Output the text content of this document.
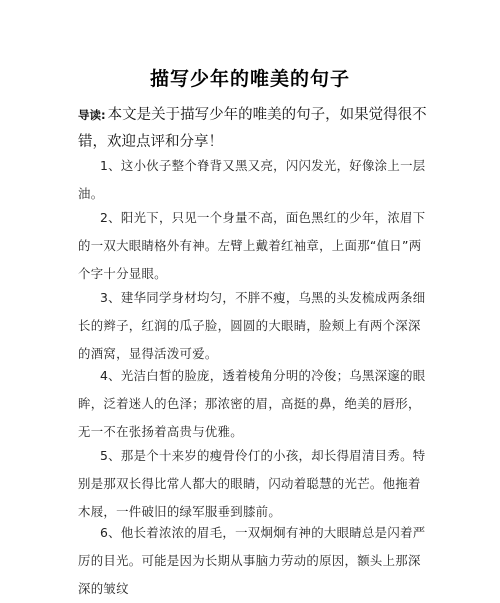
描写少年的唯美的句子
导读: 本文是关于描写少年的唯美的句子，如果觉得很不错，欢迎点评和分享！
1、这小伙子整个脊背又黑又亮，闪闪发光，好像涂上一层油。
2、阳光下，只见一个身量不高，面色黑红的少年，浓眉下的一双大眼睛格外有神。左臂上戴着红袖章，上面那“值日”两个字十分显眼。
3、建华同学身材均匀，不胖不瘦，乌黑的头发梳成两条细长的辫子，红润的瓜子脸，圆圆的大眼睛，脸颊上有两个深深的酒窝，显得活泼可爱。
4、光洁白皙的脸庞，透着棱角分明的冷俊；乌黑深邃的眼眸，泛着迷人的色泽；那浓密的眉，高挺的鼻，绝美的唇形，无一不在张扬着高贵与优雅。
5、那是个十来岁的瘦骨伶仃的小孩，却长得眉清目秀。特别是那双长得比常人都大的眼睛，闪动着聪慧的光芒。他拖着木屐，一件破旧的绿军服垂到膝前。
6、他长着浓浓的眉毛，一双炯炯有神的大眼睛总是闪着严厉的目光。可能是因为长期从事脑力劳动的原因，额头上那深深的皱纹
